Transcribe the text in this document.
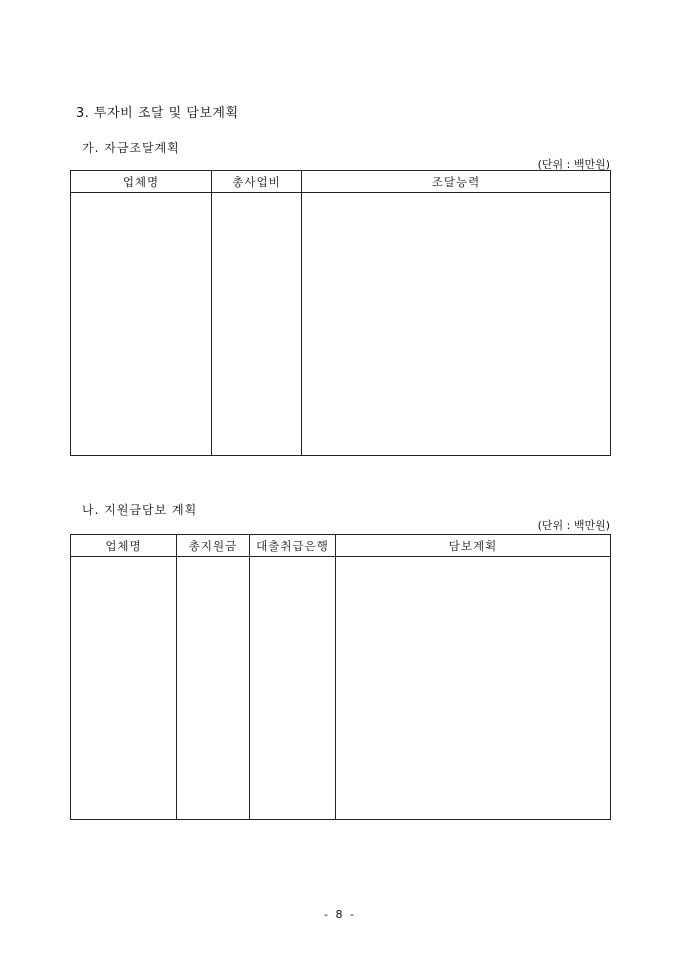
3. 투자비 조달 및 담보계획
가. 자금조달계획
(단위 : 백만원)
업체명	총사업비	조달능력

나. 지원금담보 계획
(단위 : 백만원)
업체명	총지원금	대출취급은행	담보계획

- 8 -
